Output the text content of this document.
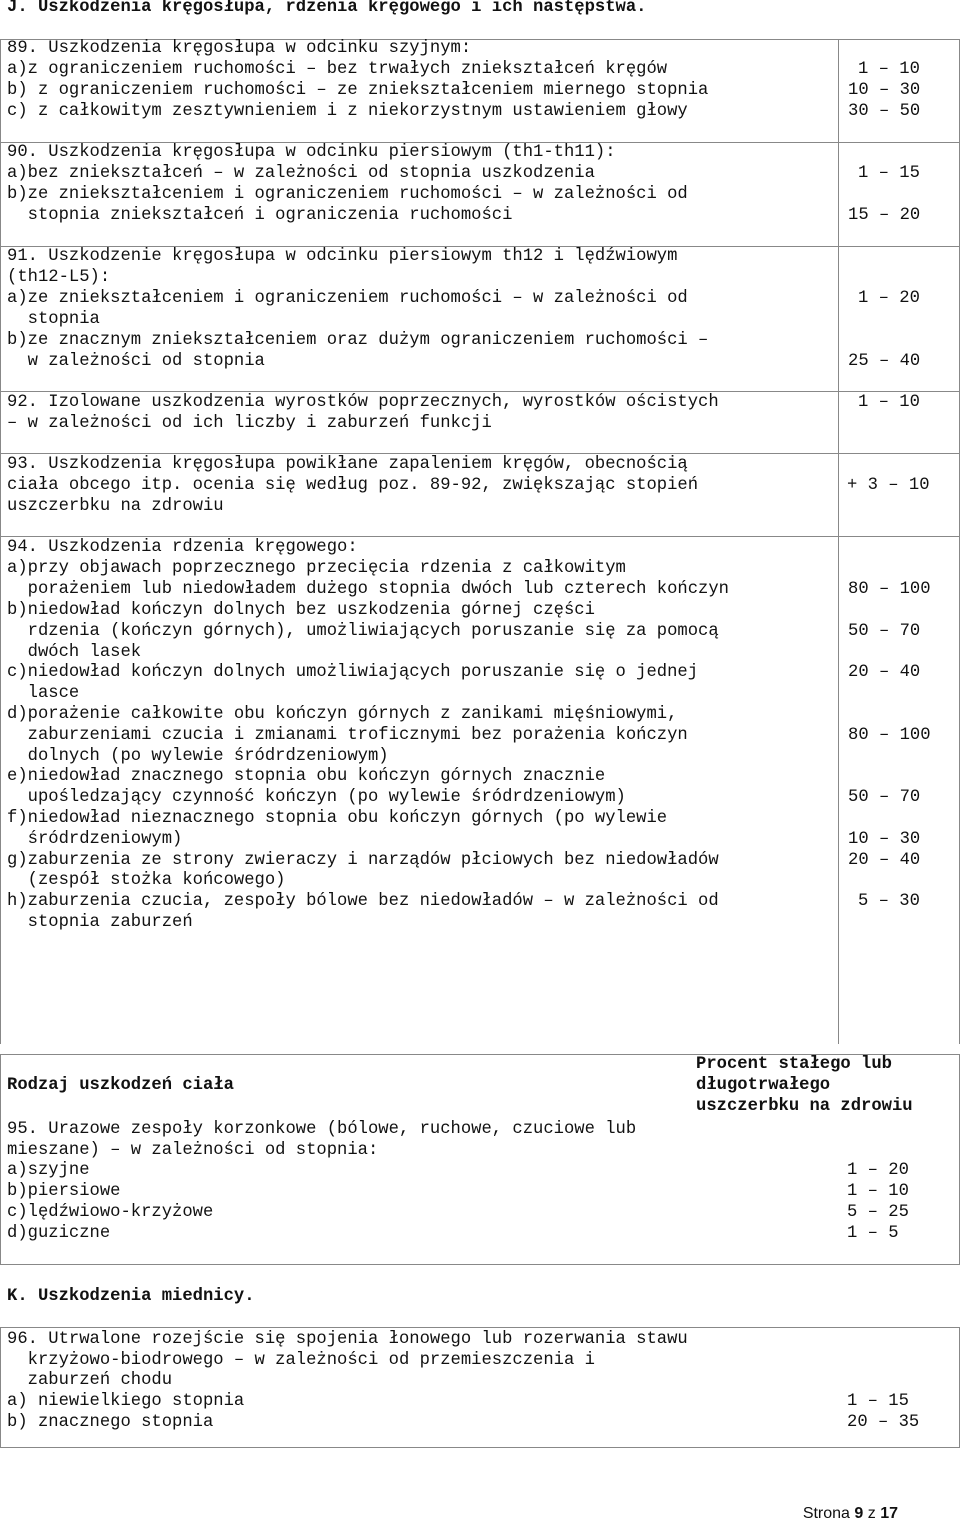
J. Uszkodzenia kręgosłupa, rdzenia kręgowego i ich następstwa.
89. Uszkodzenia kręgosłupa w odcinku szyjnym:
a)z ograniczeniem ruchomości – bez trwałych zniekształceń kręgów
b) z ograniczeniem ruchomości – ze zniekształceniem miernego stopnia
c) z całkowitym zesztywnieniem i z niekorzystnym ustawieniem głowy
1 – 10
10 – 30
30 – 50
90. Uszkodzenia kręgosłupa w odcinku piersiowym (th1-th11):
a)bez zniekształceń – w zależności od stopnia uszkodzenia
b)ze zniekształceniem i ograniczeniem ruchomości – w zależności od
stopnia zniekształceń i ograniczenia ruchomości
1 – 15
15 – 20
91. Uszkodzenie kręgosłupa w odcinku piersiowym th12 i lędźwiowym
(th12-L5):
a)ze zniekształceniem i ograniczeniem ruchomości – w zależności od
stopnia
b)ze znacznym zniekształceniem oraz dużym ograniczeniem ruchomości –
w zależności od stopnia
1 – 20
25 – 40
92. Izolowane uszkodzenia wyrostków poprzecznych, wyrostków ościstych
– w zależności od ich liczby i zaburzeń funkcji
1 – 10
93. Uszkodzenia kręgosłupa powikłane zapaleniem kręgów, obecnością
ciała obcego itp. ocenia się według poz. 89-92, zwiększając stopień
uszczerbku na zdrowiu
+ 3 – 10
94. Uszkodzenia rdzenia kręgowego:
a)przy objawach poprzecznego przecięcia rdzenia z całkowitym
porażeniem lub niedowładem dużego stopnia dwóch lub czterech kończyn
b)niedowład kończyn dolnych bez uszkodzenia górnej części
rdzenia (kończyn górnych), umożliwiających poruszanie się za pomocą
dwóch lasek
c)niedowład kończyn dolnych umożliwiających poruszanie się o jednej
lasce
d)porażenie całkowite obu kończyn górnych z zanikami mięśniowymi,
zaburzeniami czucia i zmianami troficznymi bez porażenia kończyn
dolnych (po wylewie śródrdzeniowym)
e)niedowład znacznego stopnia obu kończyn górnych znacznie
upośledzający czynność kończyn (po wylewie śródrdzeniowym)
f)niedowład nieznacznego stopnia obu kończyn górnych (po wylewie
śródrdzeniowym)
g)zaburzenia ze strony zwieraczy i narządów płciowych bez niedowładów
(zespół stożka końcowego)
h)zaburzenia czucia, zespoły bólowe bez niedowładów – w zależności od
stopnia zaburzeń
80 – 100
50 – 70
20 – 40
80 – 100
50 – 70
10 – 30
20 – 40
5 – 30
Rodzaj uszkodzeń ciała
Procent stałego lub
długotrwałego
uszczerbku na zdrowiu
95. Urazowe zespoły korzonkowe (bólowe, ruchowe, czuciowe lub
mieszane) – w zależności od stopnia:
a)szyjne
b)piersiowe
c)lędźwiowo-krzyżowe
d)guziczne
1 – 20
1 – 10
5 – 25
1 – 5
K. Uszkodzenia miednicy.
96. Utrwalone rozejście się spojenia łonowego lub rozerwania stawu
krzyżowo-biodrowego – w zależności od przemieszczenia i
zaburzeń chodu
a) niewielkiego stopnia
b) znacznego stopnia
1 – 15
20 – 35
Strona 9 z 17
